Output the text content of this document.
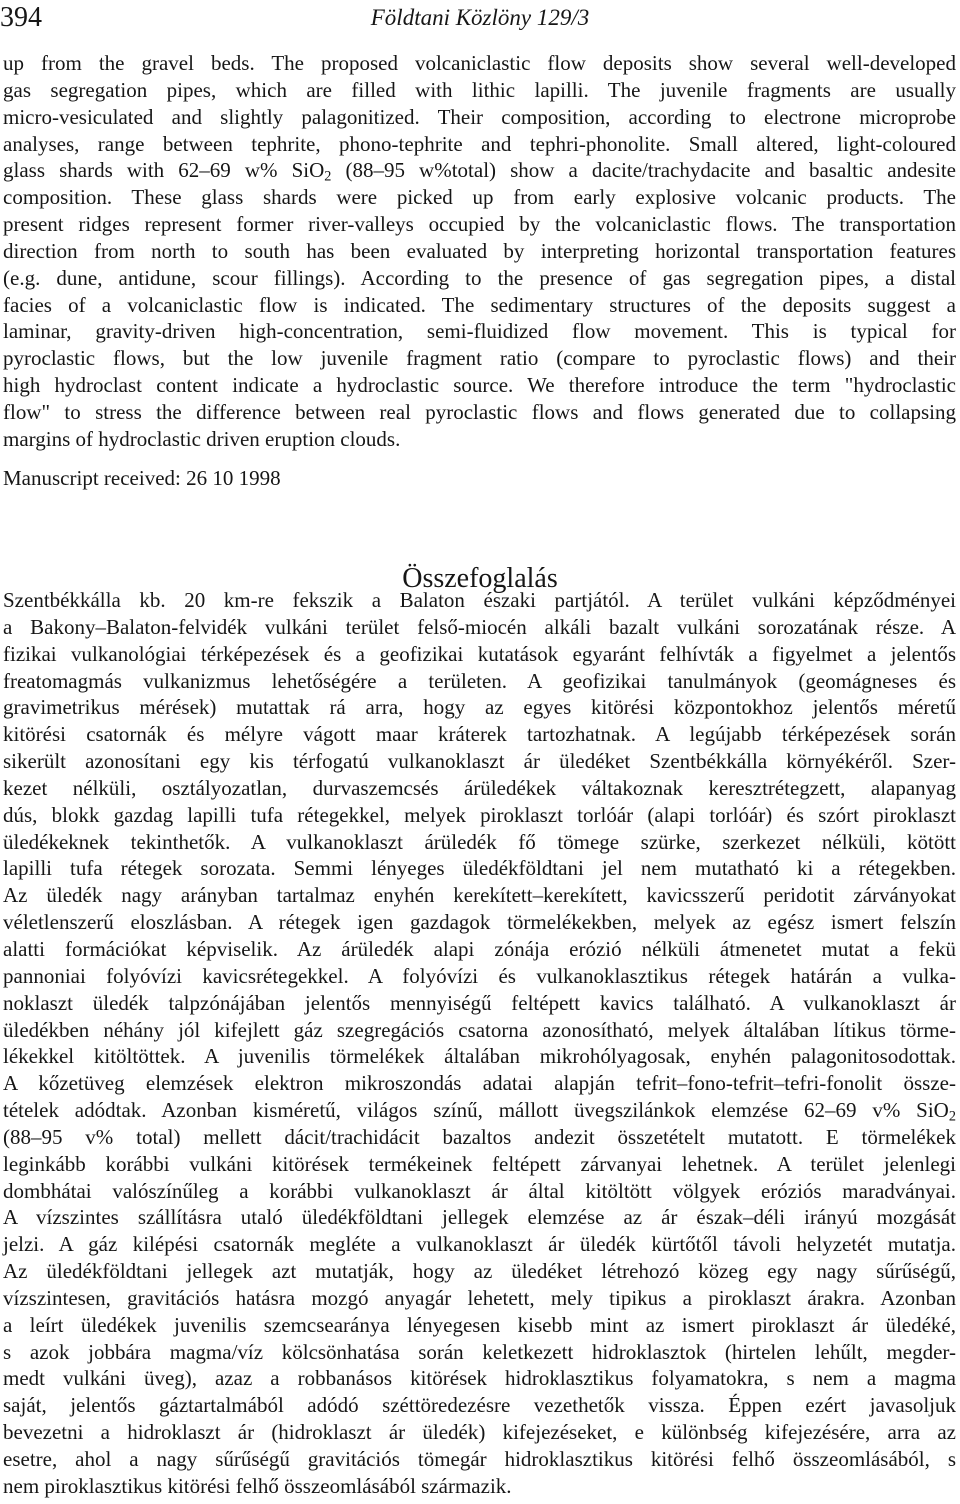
394	Földtani Közlöny 129/3
up from the gravel beds. The proposed volcaniclastic flow deposits show several well-developed
gas segregation pipes, which are filled with lithic lapilli. The juvenile fragments are usually
micro-vesiculated and slightly palagonitized. Their composition, according to electrone microprobe
analyses, range between tephrite, phono-tephrite and tephri-phonolite. Small altered, light-coloured
glass shards with 62–69 w% SiO$_2$ (88–95 w%total) show a dacite/trachydacite and basaltic andesite
composition. These glass shards were picked up from early explosive volcanic products. The
present ridges represent former river-valleys occupied by the volcaniclastic flows. The transportation
direction from north to south has been evaluated by interpreting horizontal transportation features
(e.g. dune, antidune, scour fillings). According to the presence of gas segregation pipes, a distal
facies of a volcaniclastic flow is indicated. The sedimentary structures of the deposits suggest a
laminar, gravity-driven high-concentration, semi-fluidized flow movement. This is typical for
pyroclastic flows, but the low juvenile fragment ratio (compare to pyroclastic flows) and their
high hydroclast content indicate a hydroclastic source. We therefore introduce the term "hydroclastic
flow" to stress the difference between real pyroclastic flows and flows generated due to collapsing
margins of hydroclastic driven eruption clouds.
Manuscript received: 26 10 1998
Összefoglalás
Szentbékkálla kb. 20 km-re fekszik a Balaton északi partjától. A terület vulkáni képződményei
a Bakony–Balaton-felvidék vulkáni terület felső-miocén alkáli bazalt vulkáni sorozatának része. A
fizikai vulkanológiai térképezések és a geofizikai kutatások egyaránt felhívták a figyelmet a jelentős
freatomagmás vulkanizmus lehetőségére a területen. A geofizikai tanulmányok (geomágneses és
gravimetrikus mérések) mutattak rá arra, hogy az egyes kitörési központokhoz jelentős méretű
kitörési csatornák és mélyre vágott maar kráterek tartozhatnak. A legújabb térképezések során
sikerült azonosítani egy kis térfogatú vulkanoklaszt ár üledéket Szentbékkálla környékéről. Szer-
kezet nélküli, osztályozatlan, durvaszemcsés árüledékek váltakoznak keresztrétegzett, alapanyag
dús, blokk gazdag lapilli tufa rétegekkel, melyek piroklaszt torlóár (alapi torlóár) és szórt piroklaszt
üledékeknek tekinthetők. A vulkanoklaszt árüledék fő tömege szürke, szerkezet nélküli, kötött
lapilli tufa rétegek sorozata. Semmi lényeges üledékföldtani jel nem mutatható ki a rétegekben.
Az üledék nagy arányban tartalmaz enyhén kerekített–kerekített, kavicsszerű peridotit zárványokat
véletlenszerű eloszlásban. A rétegek igen gazdagok törmelékekben, melyek az egész ismert felszín
alatti formációkat képviselik. Az árüledék alapi zónája erózió nélküli átmenetet mutat a fekü
pannoniai folyóvízi kavicsrétegekkel. A folyóvízi és vulkanoklasztikus rétegek határán a vulka-
noklaszt üledék talpzónájában jelentős mennyiségű feltépett kavics található. A vulkanoklaszt ár
üledékben néhány jól kifejlett gáz szegregációs csatorna azonosítható, melyek általában lítikus törme-
lékekkel kitöltöttek. A juvenilis törmelékek általában mikrohólyagosak, enyhén palagonitosodottak.
A kőzetüveg elemzések elektron mikroszondás adatai alapján tefrit–fono-tefrit–tefri-fonolit össze-
tételek adódtak. Azonban kisméretű, világos színű, mállott üvegszilánkok elemzése 62–69 v% SiO$_2$
(88–95 v% total) mellett dácit/trachidácit bazaltos andezit összetételt mutatott. E törmelékek
leginkább korábbi vulkáni kitörések termékeinek feltépett zárvanyai lehetnek. A terület jelenlegi
dombhátai valószínűleg a korábbi vulkanoklaszt ár által kitöltött völgyek eróziós maradványai.
A vízszintes szállításra utaló üledékföldtani jellegek elemzése az ár észak–déli irányú mozgását
jelzi. A gáz kilépési csatornák megléte a vulkanoklaszt ár üledék kürtőtől távoli helyzetét mutatja.
Az üledékföldtani jellegek azt mutatják, hogy az üledéket létrehozó közeg egy nagy sűrűségű,
vízszintesen, gravitációs hatásra mozgó anyagár lehetett, mely tipikus a piroklaszt árakra. Azonban
a leírt üledékek juvenilis szemcsearánya lényegesen kisebb mint az ismert piroklaszt ár üledéké,
s azok jobbára magma/víz kölcsönhatása során keletkezett hidroklasztok (hirtelen lehűlt, megder-
medt vulkáni üveg), azaz a robbanásos kitörések hidroklasztikus folyamatokra, s nem a magma
saját, jelentős gáztartalmából adódó széttöredezésre vezethetők vissza. Éppen ezért javasoljuk
bevezetni a hidroklaszt ár (hidroklaszt ár üledék) kifejezéseket, e különbség kifejezésére, arra az
esetre, ahol a nagy sűrűségű gravitációs tömegár hidroklasztikus kitörési felhő összeomlásából, s
nem piroklasztikus kitörési felhő összeomlásából származik.
